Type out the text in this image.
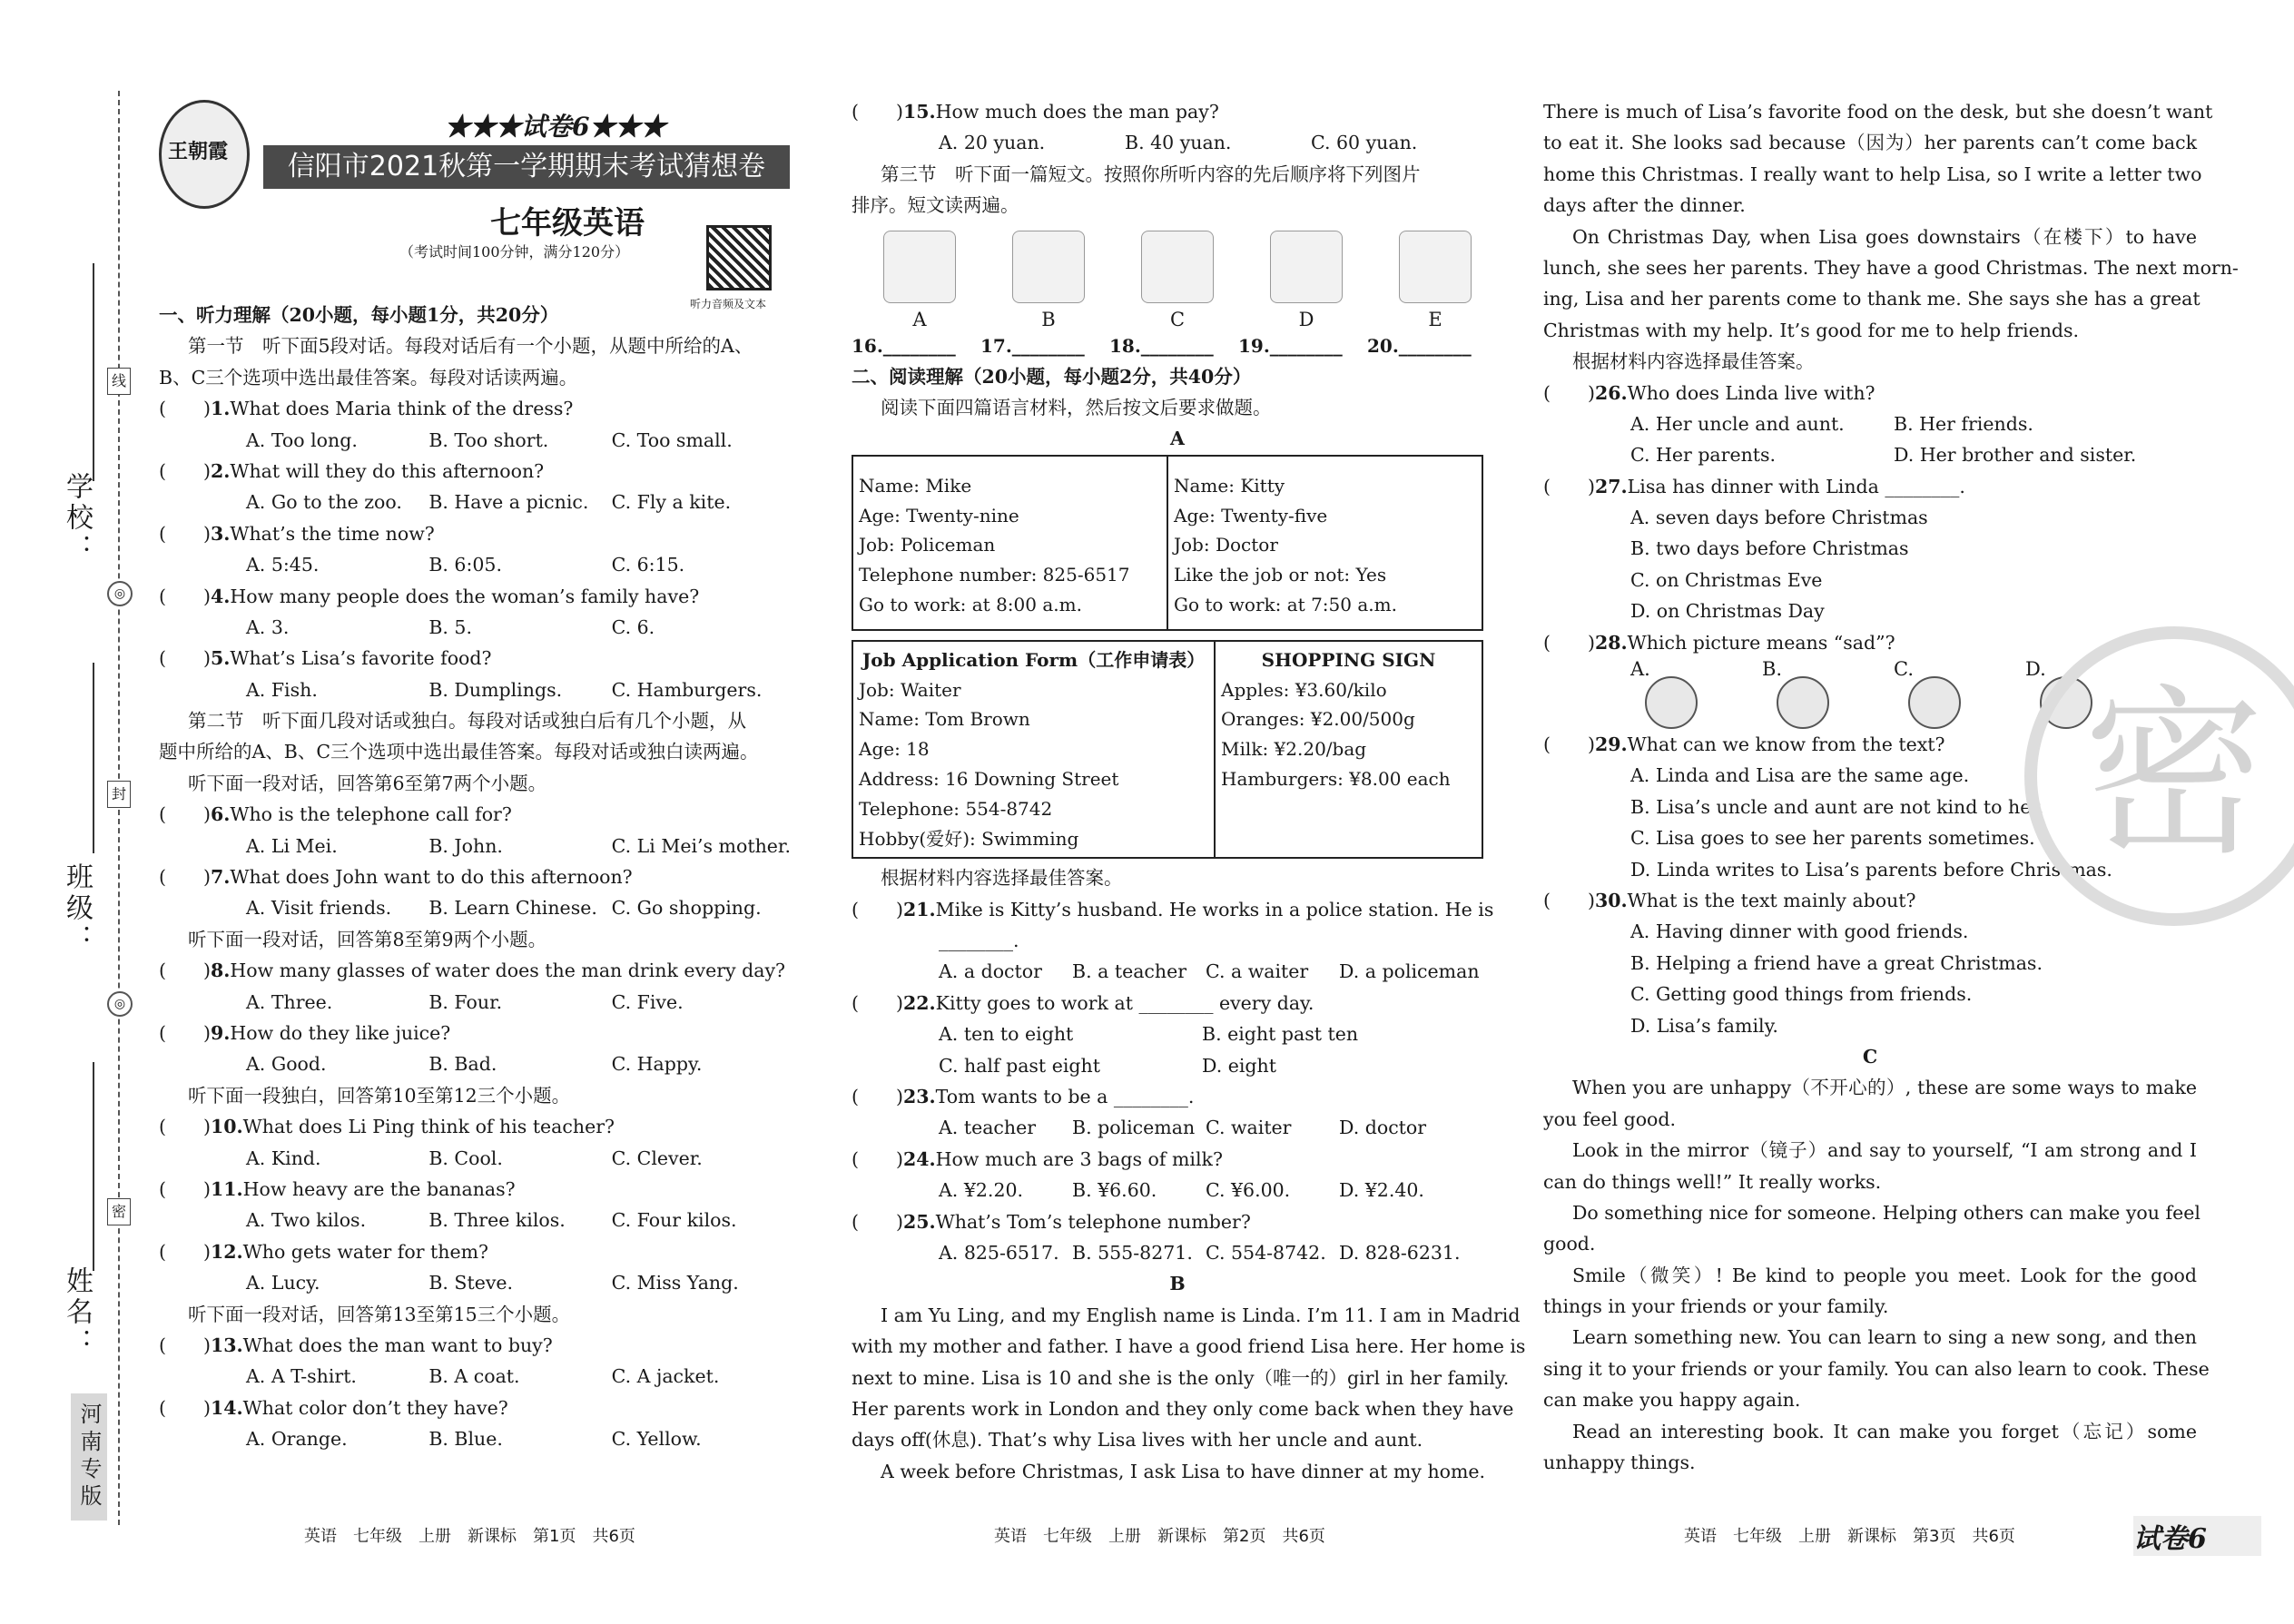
学校：
线
◎
班级：
封
◎
姓名：
密
河南专版
王朝霞
★★★试卷6★★★
信阳市2021秋第一学期期末考试猜想卷
七年级英语
（考试时间100分钟，满分120分）
听力音频及文本
一、听力理解（20小题，每小题1分，共20分）
第一节　听下面5段对话。每段对话后有一个小题，从题中所给的A、
B、C三个选项中选出最佳答案。每段对话读两遍。
(　　)1.What does Maria think of the dress?
A. Too long.	B. Too short.	C. Too small.
(　　)2.What will they do this afternoon?
A. Go to the zoo.	B. Have a picnic.	C. Fly a kite.
(　　)3.What’s the time now?
A. 5:45.	B. 6:05.	C. 6:15.
(　　)4.How many people does the woman’s family have?
A. 3.	B. 5.	C. 6.
(　　)5.What’s Lisa’s favorite food?
A. Fish.	B. Dumplings.	C. Hamburgers.
第二节　听下面几段对话或独白。每段对话或独白后有几个小题，从
题中所给的A、B、C三个选项中选出最佳答案。每段对话或独白读两遍。
听下面一段对话，回答第6至第7两个小题。
(　　)6.Who is the telephone call for?
A. Li Mei.	B. John.	C. Li Mei’s mother.
(　　)7.What does John want to do this afternoon?
A. Visit friends.	B. Learn Chinese. C. Go shopping.
听下面一段对话，回答第8至第9两个小题。
(　　)8.How many glasses of water does the man drink every day?
A. Three.	B. Four.	C. Five.
(　　)9.How do they like juice?
A. Good.	B. Bad.	C. Happy.
听下面一段独白，回答第10至第12三个小题。
(　　)10.What does Li Ping think of his teacher?
A. Kind.	B. Cool.	C. Clever.
(　　)11.How heavy are the bananas?
A. Two kilos.	B. Three kilos.	C. Four kilos.
(　　)12.Who gets water for them?
A. Lucy.	B. Steve.	C. Miss Yang.
听下面一段对话，回答第13至第15三个小题。
(　　)13.What does the man want to buy?
A. A T-shirt.	B. A coat.	C. A jacket.
(　　)14.What color don’t they have?
A. Orange.	B. Blue.	C. Yellow.
(　　)15.How much does the man pay?
A. 20 yuan.	B. 40 yuan.	C. 60 yuan.
第三节　听下面一篇短文。按照你所听内容的先后顺序将下列图片
排序。短文读两遍。
A	B	C	D	E
16.________	17.________	18.________	19.________	20.________
二、阅读理解（20小题，每小题2分，共40分）
阅读下面四篇语言材料，然后按文后要求做题。
A
Name: Mike
Age: Twenty-nine
Job: Policeman
Telephone number: 825-6517
Go to work: at 8:00 a.m.

Name: Kitty
Age: Twenty-five
Job: Doctor
Like the job or not: Yes
Go to work: at 7:50 a.m.
Job Application Form（工作申请表）
Job: Waiter
Name: Tom Brown
Age: 18
Address: 16 Downing Street
Telephone: 554-8742
Hobby(爱好): Swimming

SHOPPING SIGN
Apples: ¥3.60/kilo
Oranges: ¥2.00/500g
Milk: ¥2.20/bag
Hamburgers: ¥8.00 each
根据材料内容选择最佳答案。
(　　)21.Mike is Kitty’s husband. He works in a police station. He is
________.
A. a doctor	B. a teacher	C. a waiter	D. a policeman
(　　)22.Kitty goes to work at ________ every day.
A. ten to eight	B. eight past ten
C. half past eight	D. eight
(　　)23.Tom wants to be a ________.
A. teacher	B. policeman C. waiter	D. doctor
(　　)24.How much are 3 bags of milk?
A. ¥2.20.	B. ¥6.60.	C. ¥6.00.	D. ¥2.40.
(　　)25.What’s Tom’s telephone number?
A. 825-6517. B. 555-8271. C. 554-8742. D. 828-6231.
B
I am Yu Ling, and my English name is Linda. I’m 11. I am in Madrid
with my mother and father. I have a good friend Lisa here. Her home is
next to mine. Lisa is 10 and she is the only（唯一的）girl in her family.
Her parents work in London and they only come back when they have
days off(休息). That’s why Lisa lives with her uncle and aunt.
A week before Christmas, I ask Lisa to have dinner at my home.
There is much of Lisa’s favorite food on the desk, but she doesn’t want
to eat it. She looks sad because（因为）her parents can’t come back
home this Christmas. I really want to help Lisa, so I write a letter two
days after the dinner.
On Christmas Day, when Lisa goes downstairs（在楼下）to have
lunch, she sees her parents. They have a good Christmas. The next morn-
ing, Lisa and her parents come to thank me. She says she has a great
Christmas with my help. It’s good for me to help friends.
根据材料内容选择最佳答案。
(　　)26.Who does Linda live with?
A. Her uncle and aunt.	B. Her friends.
C. Her parents.	D. Her brother and sister.
(　　)27.Lisa has dinner with Linda ________.
A. seven days before Christmas
B. two days before Christmas
C. on Christmas Eve
D. on Christmas Day
(　　)28.Which picture means “sad”?
A.	B.	C.	D.
(　　)29.What can we know from the text?
A. Linda and Lisa are the same age.
B. Lisa’s uncle and aunt are not kind to her.
C. Lisa goes to see her parents sometimes.
D. Linda writes to Lisa’s parents before Christmas.
(　　)30.What is the text mainly about?
A. Having dinner with good friends.
B. Helping a friend have a great Christmas.
C. Getting good things from friends.
D. Lisa’s family.
C
When you are unhappy（不开心的）, these are some ways to make
you feel good.
Look in the mirror（镜子）and say to yourself, “I am strong and I
can do things well!” It really works.
Do something nice for someone. Helping others can make you feel
good.
Smile（微笑）! Be kind to people you meet. Look for the good
things in your friends or your family.
Learn something new. You can learn to sing a new song, and then
sing it to your friends or your family. You can also learn to cook. These
can make you happy again.
Read an interesting book. It can make you forget（忘记）some
unhappy things.
密
英语　七年级　上册　新课标　第1页　共6页	英语　七年级　上册　新课标　第2页　共6页	英语　七年级　上册　新课标　第3页　共6页	试卷6
